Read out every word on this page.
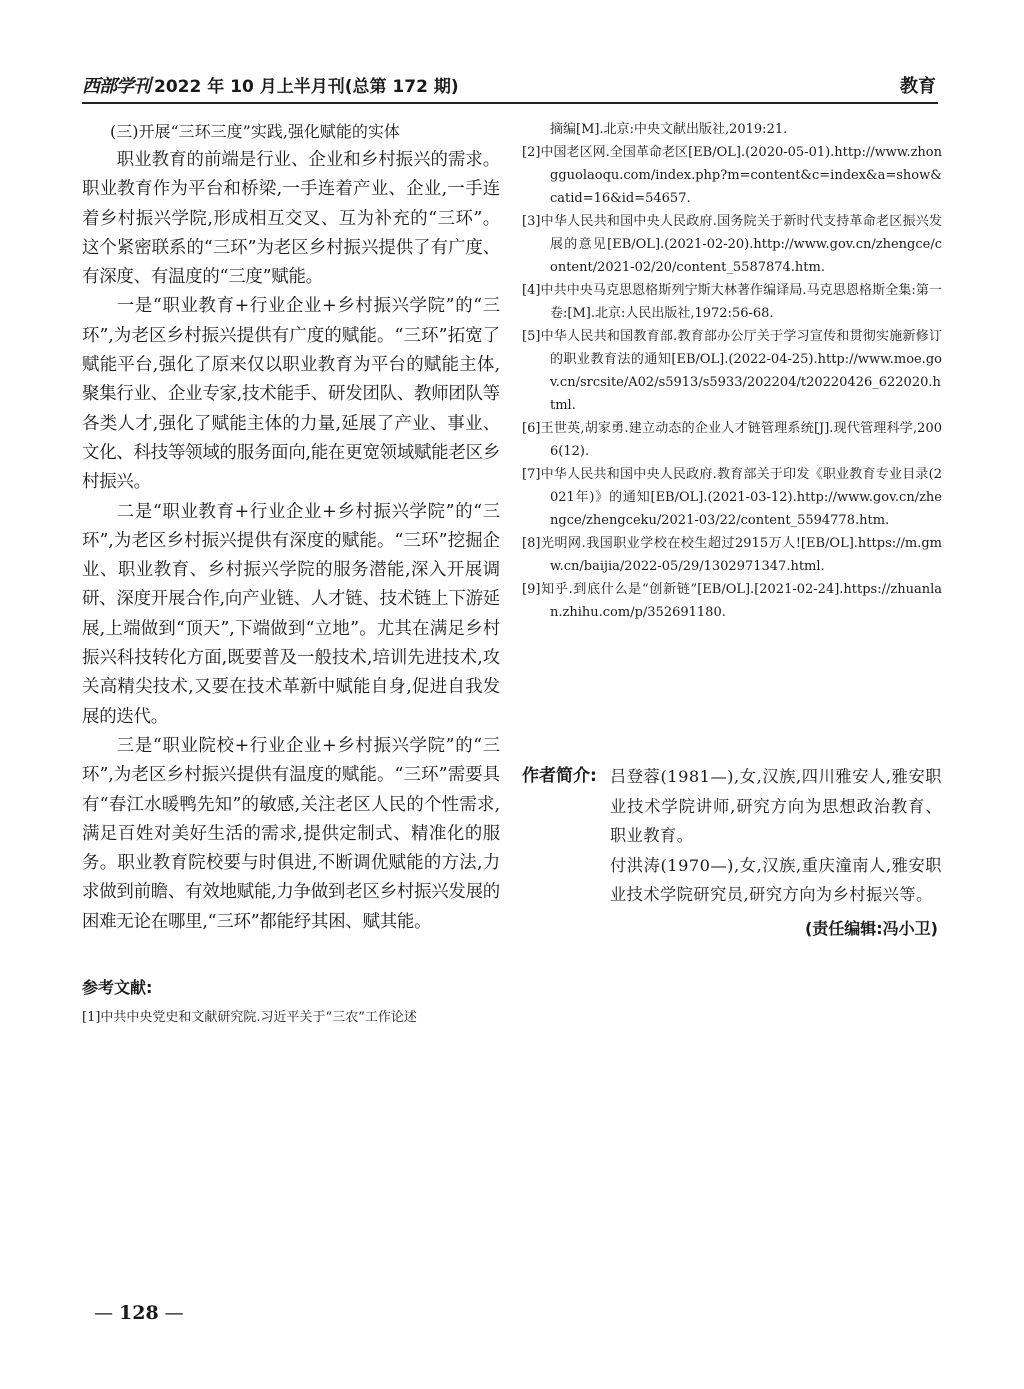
西部学刊 2022 年 10 月上半月刊(总第 172 期)	教育

(三)开展“三环三度”实践,强化赋能的实体

职业教育的前端是行业、企业和乡村振兴的需求。职业教育作为平台和桥梁,一手连着产业、企业,一手连着乡村振兴学院,形成相互交叉、互为补充的“三环”。这个紧密联系的“三环”为老区乡村振兴提供了有广度、有深度、有温度的“三度”赋能。

一是“职业教育+行业企业+乡村振兴学院”的“三环”,为老区乡村振兴提供有广度的赋能。“三环”拓宽了赋能平台,强化了原来仅以职业教育为平台的赋能主体,聚集行业、企业专家,技术能手、研发团队、教师团队等各类人才,强化了赋能主体的力量,延展了产业、事业、文化、科技等领域的服务面向,能在更宽领域赋能老区乡村振兴。

二是“职业教育+行业企业+乡村振兴学院”的“三环”,为老区乡村振兴提供有深度的赋能。“三环”挖掘企业、职业教育、乡村振兴学院的服务潜能,深入开展调研、深度开展合作,向产业链、人才链、技术链上下游延展,上端做到“顶天”,下端做到“立地”。尤其在满足乡村振兴科技转化方面,既要普及一般技术,培训先进技术,攻关高精尖技术,又要在技术革新中赋能自身,促进自我发展的迭代。

三是“职业院校+行业企业+乡村振兴学院”的“三环”,为老区乡村振兴提供有温度的赋能。“三环”需要具有“春江水暖鸭先知”的敏感,关注老区人民的个性需求,满足百姓对美好生活的需求,提供定制式、精准化的服务。职业教育院校要与时俱进,不断调优赋能的方法,力求做到前瞻、有效地赋能,力争做到老区乡村振兴发展的困难无论在哪里,“三环”都能纾其困、赋其能。

参考文献:

[1]中共中央党史和文献研究院.习近平关于“三农”工作论述

摘编[M].北京:中央文献出版社,2019:21.

[2]中国老区网.全国革命老区[EB/OL].(2020-05-01).http://www.zhongguolaoqu.com/index.php?m=content&c=index&a=show&catid=16&id=54657.

[3]中华人民共和国中央人民政府.国务院关于新时代支持革命老区振兴发展的意见[EB/OL].(2021-02-20).http://www.gov.cn/zhengce/content/2021-02/20/content_5587874.htm.

[4]中共中央马克思恩格斯列宁斯大林著作编译局.马克思恩格斯全集:第一卷:[M].北京:人民出版社,1972:56-68.

[5]中华人民共和国教育部.教育部办公厅关于学习宣传和贯彻实施新修订的职业教育法的通知[EB/OL].(2022-04-25).http://www.moe.gov.cn/srcsite/A02/s5913/s5933/202204/t20220426_622020.html.

[6]王世英,胡家勇.建立动态的企业人才链管理系统[J].现代管理科学,2006(12).

[7]中华人民共和国中央人民政府.教育部关于印发《职业教育专业目录(2021年)》的通知[EB/OL].(2021-03-12).http://www.gov.cn/zhengce/zhengceku/2021-03/22/content_5594778.htm.

[8]光明网.我国职业学校在校生超过2915万人![EB/OL].https://m.gmw.cn/baijia/2022-05/29/1302971347.html.

[9]知乎.到底什么是“创新链”[EB/OL].[2021-02-24].https://zhuanlan.zhihu.com/p/352691180.

作者简介: 吕登蓉(1981—),女,汉族,四川雅安人,雅安职业技术学院讲师,研究方向为思想政治教育、职业教育。

付洪涛(1970—),女,汉族,重庆潼南人,雅安职业技术学院研究员,研究方向为乡村振兴等。

(责任编辑:冯小卫)
— 128 —
